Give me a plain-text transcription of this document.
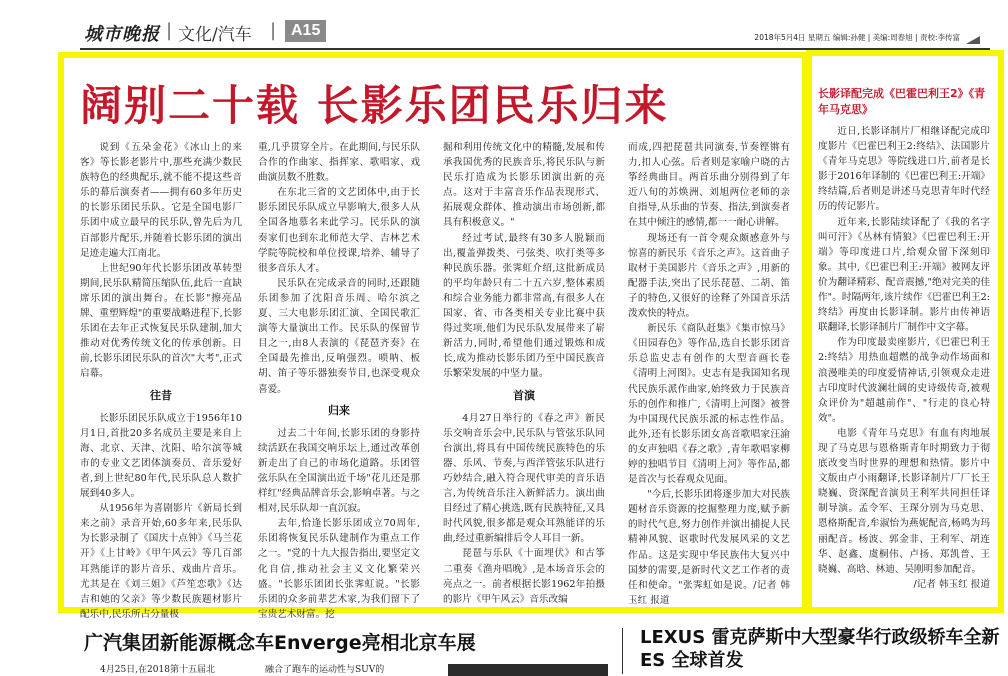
城市晚报 | 文化/汽车 | A15	2018年5月4日 星期五 编辑:孙健 | 美编:周春旭 | 责校:李传富
阔别二十载 长影乐团民乐归来

说到《五朵金花》《冰山上的来客》等长影老影片中,那些充满少数民族特色的经典配乐,就不能不提这些音乐的幕后演奏者——拥有60多年历史的长影乐团民乐队。它是全国电影厂乐团中成立最早的民乐队,曾先后为几百部影片配乐,并随着长影乐团的演出足迹走遍大江南北。

上世纪90年代长影乐团改革转型期间,民乐队精简压缩队伍,此后一直缺席乐团的演出舞台。在长影"擦亮品牌、重塑辉煌"的重要战略进程下,长影乐团在去年正式恢复民乐队建制,加大推动对优秀传统文化的传承创新。日前,长影乐团民乐队的首次"大考",正式启幕。

往昔

长影乐团民乐队成立于1956年10月1日,首批20多名成员主要是来自上海、北京、天津、沈阳、哈尔滨等城市的专业文艺团体演奏员、音乐爱好者,到上世纪80年代,民乐队总人数扩展到40多人。

从1956年为喜剧影片《新局长到来之前》录音开始,60多年来,民乐队为长影录制了《国庆十点钟》《马兰花开》《上甘岭》《甲午风云》等几百部耳熟能详的影片音乐、戏曲片音乐。尤其是在《刘三姐》《芦笙恋歌》《达吉和她的父亲》等少数民族题材影片配乐中,民乐所占分量极

重,几乎贯穿全片。在此期间,与民乐队合作的作曲家、指挥家、歌唱家、戏曲演员数不胜数。

在东北三省的文艺团体中,由于长影乐团民乐队成立早影响大,很多人从全国各地慕名来此学习。民乐队的演奏家们也到东北师范大学、吉林艺术学院等院校和单位授课,培养、辅导了很多音乐人才。

民乐队在完成录音的同时,还跟随乐团参加了沈阳音乐周、哈尔滨之夏、三大电影乐团汇演、全国民歌汇演等大量演出工作。民乐队的保留节目之一,由8人表演的《琵琶齐奏》在全国最先推出,反响强烈。唢呐、板胡、笛子等乐器独奏节目,也深受观众喜爱。

归来

过去二十年间,长影乐团的身影持续活跃在我国交响乐坛上,通过改革创新走出了自己的市场化道路。乐团管弦乐队在全国演出近千场"花儿还是那样红"经典品牌音乐会,影响卓著。与之相对,民乐队却一直沉寂。

去年,恰逢长影乐团成立70周年,乐团将恢复民乐队建制作为重点工作之一。"党的十九大报告指出,要坚定文化自信,推动社会主义文化繁荣兴盛。"长影乐团团长张霁虹说。"长影乐团的众多前辈艺术家,为我们留下了宝贵艺术财富。挖

掘和利用传统文化中的精髓,发展和传承我国优秀的民族音乐,将民乐队与新民乐打造成为长影乐团演出新的亮点。这对于丰富音乐作品表现形式、拓展观众群体、推动演出市场创新,都具有积极意义。"

经过考试,最终有30多人脱颖而出,覆盖弹拨类、弓弦类、吹打类等多种民族乐器。张霁虹介绍,这批新成员的平均年龄只有二十五六岁,整体素质和综合业务能力都非常高,有很多人在国家、省、市各类相关专业比赛中获得过奖项,他们为民乐队发展带来了崭新活力,同时,希望他们通过锻炼和成长,成为推动长影乐团乃至中国民族音乐繁荣发展的中坚力量。

首演

4月27日举行的《春之声》新民乐交响音乐会中,民乐队与管弦乐队同台演出,将具有中国传统民族特色的乐器、乐风、节奏,与西洋管弦乐队进行巧妙结合,融入符合现代审美的音乐语言,为传统音乐注入新鲜活力。演出曲目经过了精心挑选,既有民族特征,又具时代风貌,很多都是观众耳熟能详的乐曲,经过重新编排后令人耳目一新。

琵琶与乐队《十面埋伏》和古筝二重奏《渔舟唱晚》,是本场音乐会的亮点之一。前者根据长影1962年拍摄的影片《甲午风云》音乐改编

而成,四把琵琶共同演奏,节奏铿锵有力,扣人心弦。后者则是家喻户晓的古筝经典曲目。两首乐曲分别得到了年近八旬的苏焕洲、刘旭两位老师的亲自指导,从乐曲的节奏、指法,到演奏者在其中倾注的感情,都一一耐心讲解。

现场还有一首令观众颇感意外与惊喜的新民乐《音乐之声》。这首曲子取材于美国影片《音乐之声》,用新的配器手法,突出了民乐琵琶、二胡、笛子的特色,又很好的诠释了外国音乐活泼欢快的特点。

新民乐《商队赶集》《集市惊马》《田园春色》等作品,选自长影乐团音乐总监史志有创作的大型音画长卷《清明上河图》。史志有是我国知名现代民族乐派作曲家,始终致力于民族音乐的创作和推广,《清明上河图》被誉为中国现代民族乐派的标志性作品。此外,还有长影乐团女高音歌唱家汪渝的女声独唱《春之歌》,青年歌唱家柳婷的独唱节目《清明上河》等作品,都是首次与长春观众见面。

"今后,长影乐团将逐步加大对民族题材音乐资源的挖掘整理力度,赋予新的时代气息,努力创作并演出捕捉人民精神风貌、讴歌时代发展风采的文艺作品。这是实现中华民族伟大复兴中国梦的需要,是新时代文艺工作者的责任和使命。"张霁虹如是说。/记者 韩玉红 报道

长影译配完成《巴霍巴利王2》《青年马克思》

近日,长影译制片厂相继译配完成印度影片《巴霍巴利王2:终结》、法国影片《青年马克思》等院线进口片,前者是长影于2016年译制的《巴霍巴利王:开端》终结篇,后者则是讲述马克思青年时代经历的传记影片。

近年来,长影陆续译配了《我的名字叫可汗》《丛林有情狼》《巴霍巴利王:开端》等印度进口片,给观众留下深刻印象。其中,《巴霍巴利王:开端》被网友评价为翻译精彩、配音震撼,"绝对完美的佳作"。时隔两年,该片续作《巴霍巴利王2:终结》再度由长影译制。影片由传神语联翻译,长影译制片厂制作中文字幕。

作为印度最卖座影片,《巴霍巴利王2:终结》用热血超燃的战争动作场面和浪漫唯美的印度爱情神话,引领观众走进古印度时代波澜壮阔的史诗级传奇,被观众评价为"超越前作"、"行走的良心特效"。

电影《青年马克思》有血有肉地展现了马克思与恩格斯青年时期致力于彻底改变当时世界的理想和热情。影片中文版由卢小雨翻译,长影译制片厂厂长王晓巍、资深配音演员王利军共同担任译制导演。孟令军、王琛分别为马克思、恩格斯配音,牟淑怡为燕妮配音,杨鸣为玛丽配音。杨波、郭金非、王利军、胡连华、赵鑫、虞桐伟、卢扬、郑凯普、王晓巍、高晗、林迪、吴刚明参加配音。

/记者 韩玉红 报道
广汽集团新能源概念车Enverge亮相北京车展
4月25日,在2018第十五届北	融合了跑车的运动性与SUV的
LEXUS 雷克萨斯中大型豪华行政级轿车全新 ES 全球首发
